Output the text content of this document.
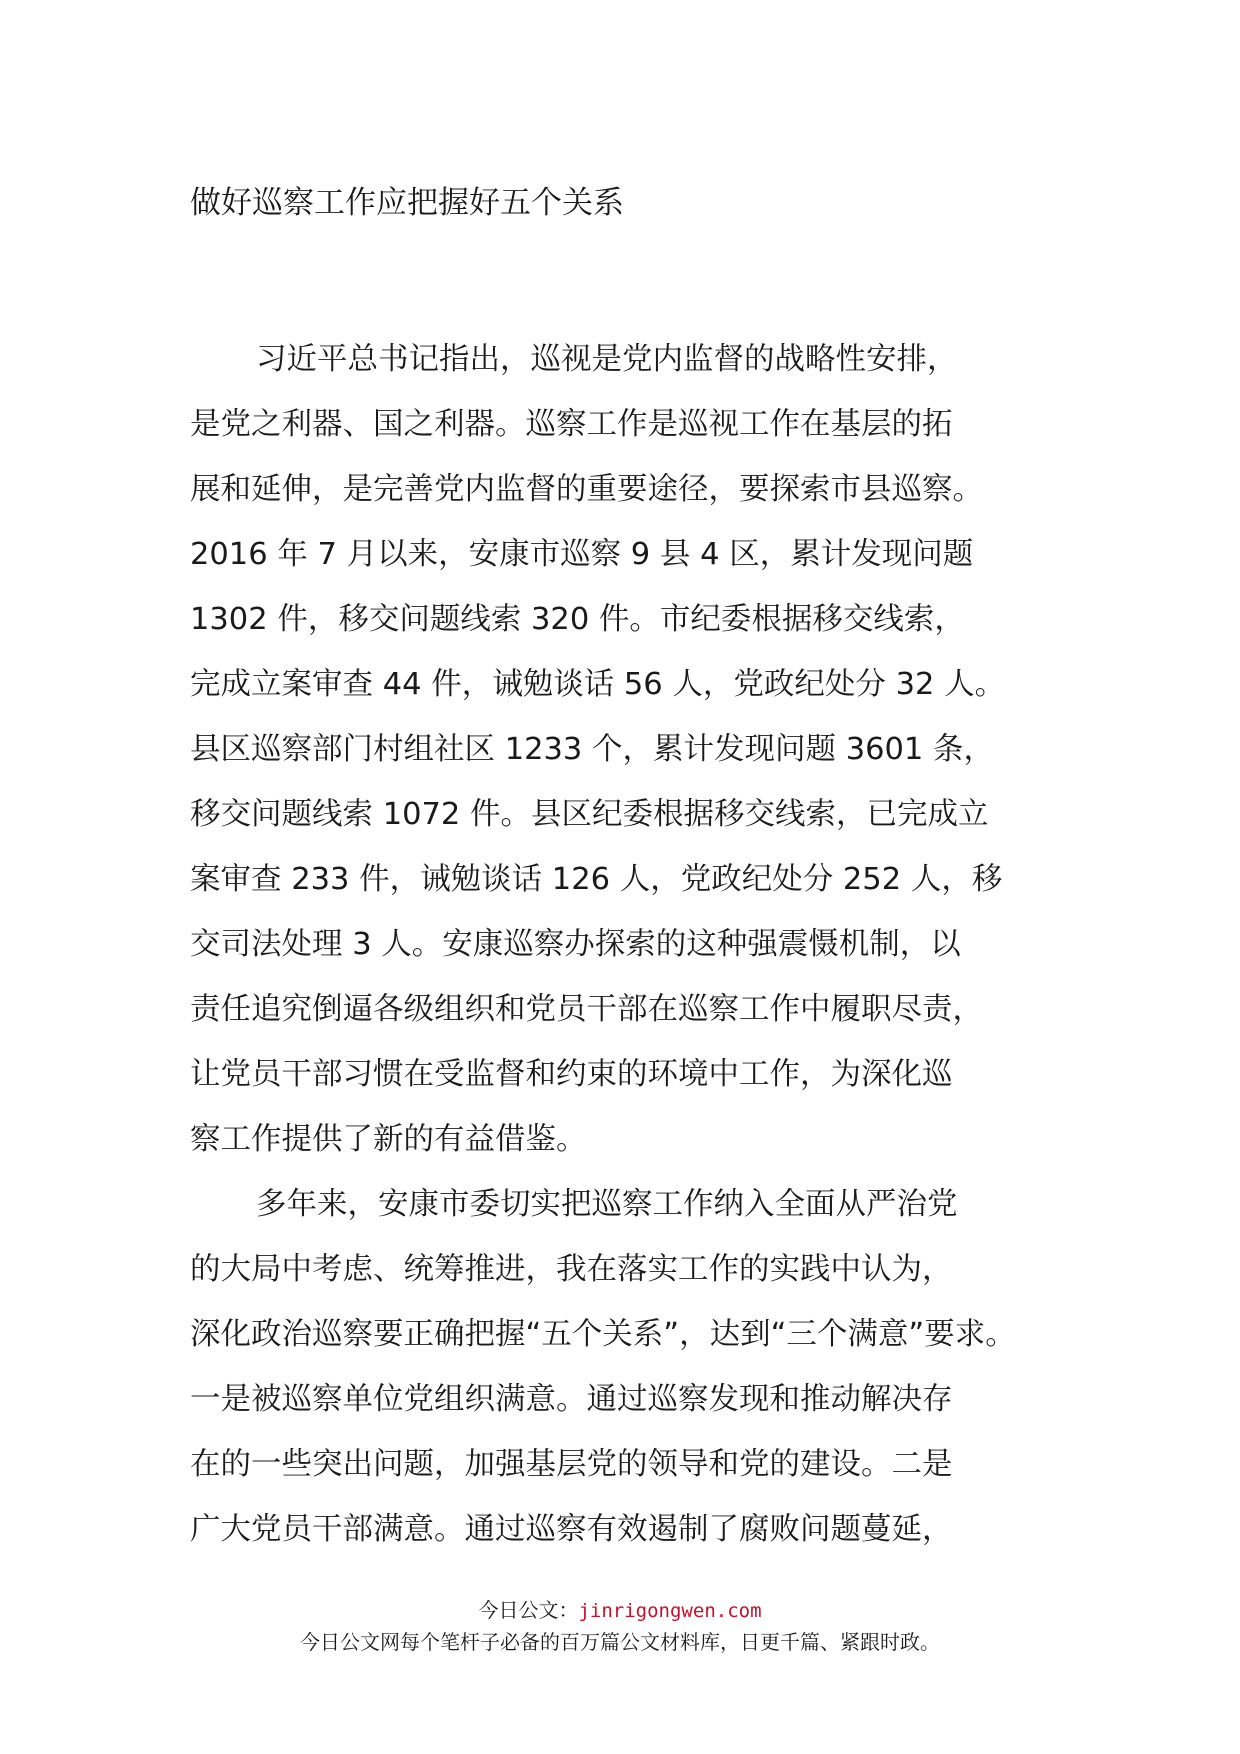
做好巡察工作应把握好五个关系
习近平总书记指出，巡视是党内监督的战略性安排，
是党之利器、国之利器。巡察工作是巡视工作在基层的拓
展和延伸，是完善党内监督的重要途径，要探索市县巡察。
2016 年 7 月以来，安康市巡察 9 县 4 区，累计发现问题
1302 件，移交问题线索 320 件。市纪委根据移交线索，
完成立案审查 44 件，诫勉谈话 56 人，党政纪处分 32 人。
县区巡察部门村组社区 1233 个，累计发现问题 3601 条，
移交问题线索 1072 件。县区纪委根据移交线索，已完成立
案审查 233 件，诫勉谈话 126 人，党政纪处分 252 人，移
交司法处理 3 人。安康巡察办探索的这种强震慑机制，以
责任追究倒逼各级组织和党员干部在巡察工作中履职尽责，
让党员干部习惯在受监督和约束的环境中工作，为深化巡
察工作提供了新的有益借鉴。
多年来，安康市委切实把巡察工作纳入全面从严治党
的大局中考虑、统筹推进，我在落实工作的实践中认为，
深化政治巡察要正确把握“五个关系”，达到“三个满意”要求。
一是被巡察单位党组织满意。通过巡察发现和推动解决存
在的一些突出问题，加强基层党的领导和党的建设。二是
广大党员干部满意。通过巡察有效遏制了腐败问题蔓延，
今日公文：jinrigongwen.com
今日公文网每个笔杆子必备的百万篇公文材料库，日更千篇、紧跟时政。
